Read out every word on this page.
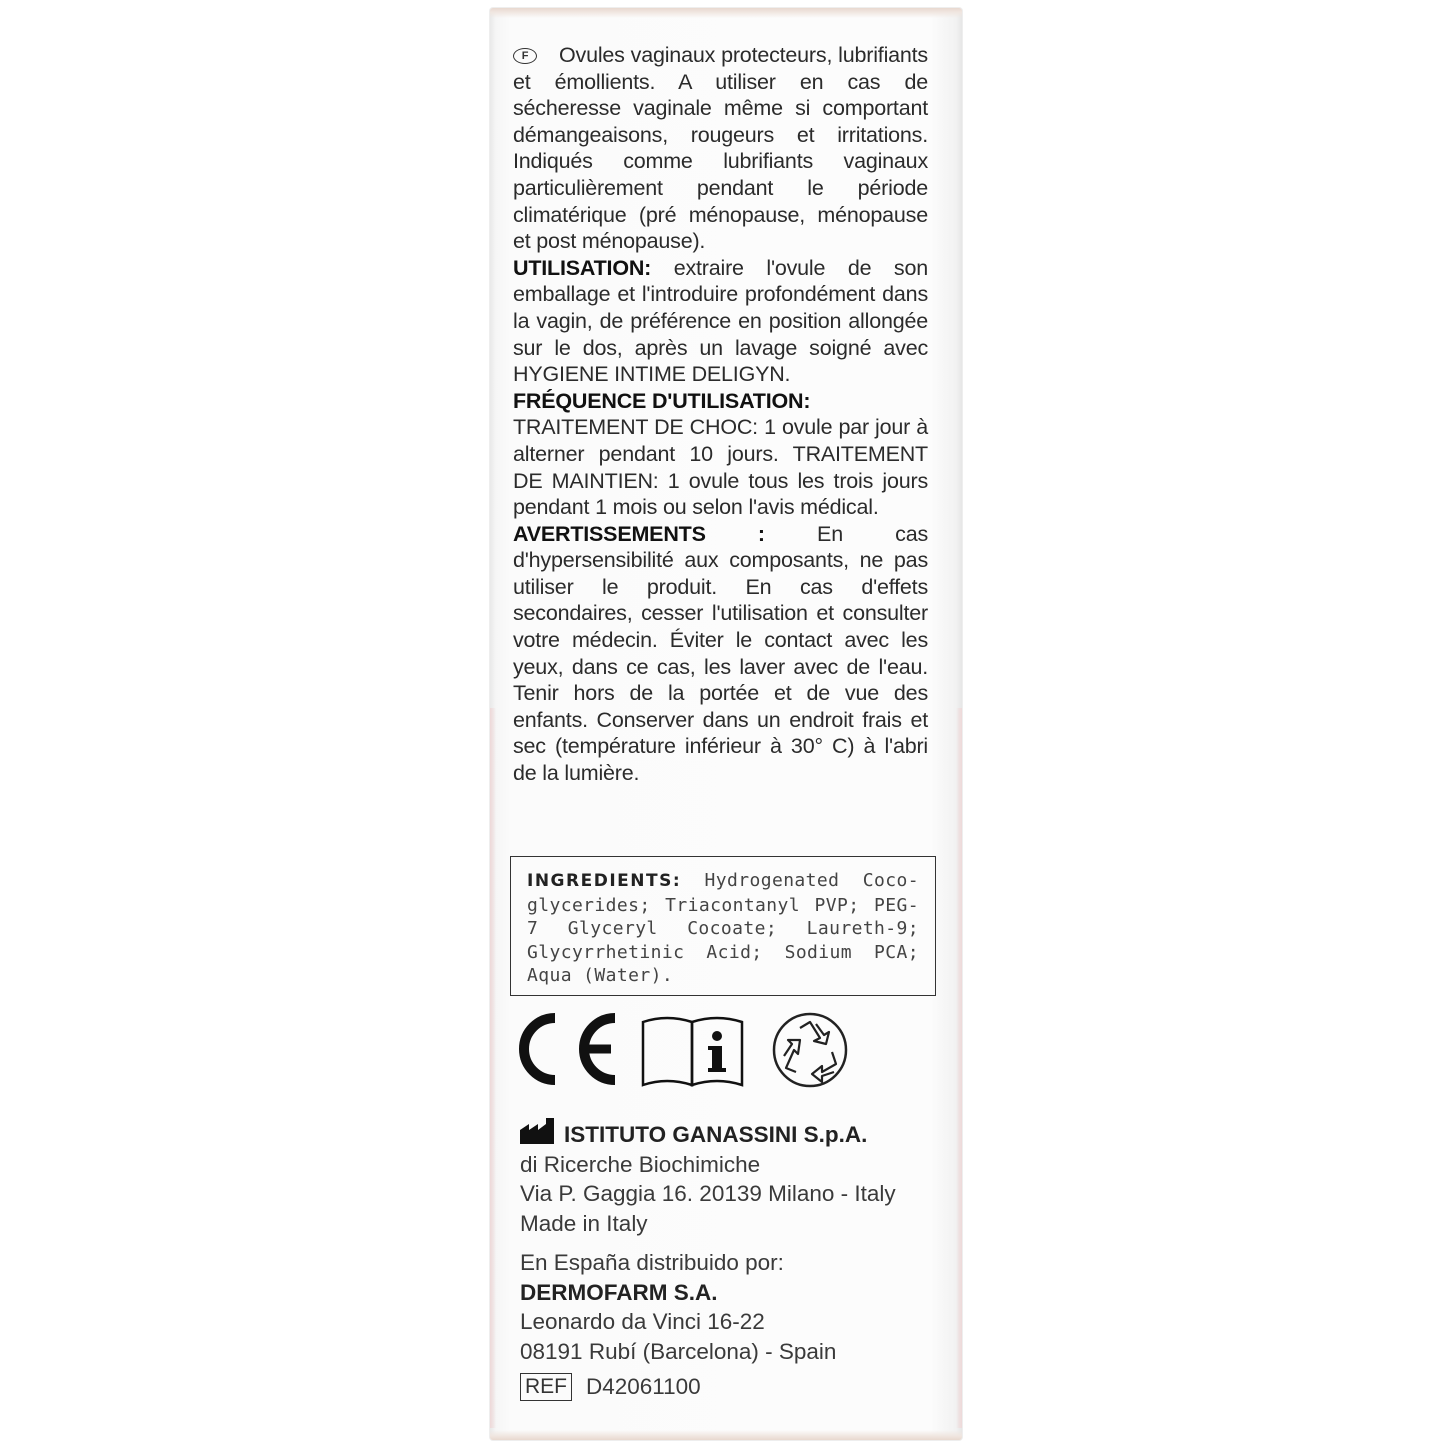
F Ovules vaginaux protecteurs, lubrifiants et émollients. A utiliser en cas de sécheresse vaginale même si comportant démangeaisons, rougeurs et irritations. Indiqués comme lubrifiants vaginaux particulièrement pendant le période climatérique (pré ménopause, ménopause et post ménopause).

UTILISATION: extraire l'ovule de son emballage et l'introduire profondément dans la vagin, de préférence en position allongée sur le dos, après un lavage soigné avec HYGIENE INTIME DELIGYN.

FRÉQUENCE D'UTILISATION:
TRAITEMENT DE CHOC: 1 ovule par jour à alterner pendant 10 jours. TRAITEMENT DE MAINTIEN: 1 ovule tous les trois jours pendant 1 mois ou selon l'avis médical.

AVERTISSEMENTS : En cas d'hypersensibilité aux composants, ne pas utiliser le produit. En cas d'effets secondaires, cesser l'utilisation et consulter votre médecin. Éviter le contact avec les yeux, dans ce cas, les laver avec de l'eau. Tenir hors de la portée et de vue des enfants. Conserver dans un endroit frais et sec (température inférieur à 30° C) à l'abri de la lumière.

INGREDIENTS: Hydrogenated Coco-glycerides; Triacontanyl PVP; PEG-7 Glyceryl Cocoate; Laureth-9; Glycyrrhetinic Acid; Sodium PCA; Aqua (Water).
ISTITUTO GANASSINI S.p.A.
di Ricerche Biochimiche
Via P. Gaggia 16. 20139 Milano - Italy
Made in Italy
En España distribuido por:
DERMOFARM S.A.
Leonardo da Vinci 16-22
08191 Rubí (Barcelona) - Spain
REF D42061100
